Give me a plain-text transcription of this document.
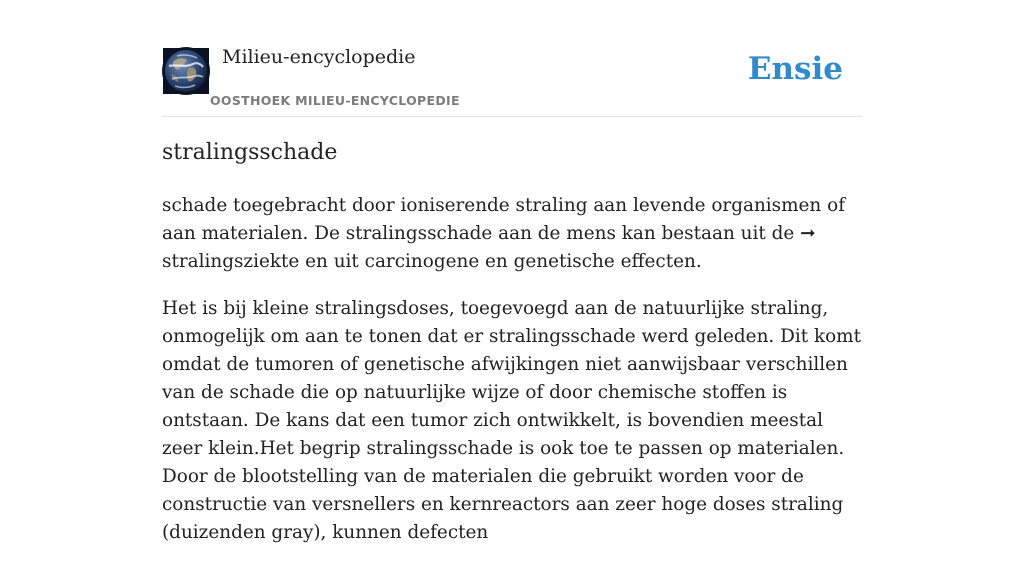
Milieu-encyclopedie
OOSTHOEK MILIEU-ENCYCLOPEDIE
Ensie
stralingsschade

schade toegebracht door ioniserende straling aan levende organismen of aan materialen. De stralingsschade aan de mens kan bestaan uit de ➞ stralingsziekte en uit carcinogene en genetische effecten.

Het is bij kleine stralingsdoses, toegevoegd aan de natuurlijke straling, onmogelijk om aan te tonen dat er stralingsschade werd geleden. Dit komt omdat de tumoren of genetische afwijkingen niet aanwijsbaar verschillen van de schade die op natuurlijke wijze of door chemische stoffen is ontstaan. De kans dat een tumor zich ontwikkelt, is bovendien meestal zeer klein.Het begrip stralingsschade is ook toe te passen op materialen. Door de blootstelling van de materialen die gebruikt worden voor de constructie van versnellers en kernreactors aan zeer hoge doses straling (duizenden gray), kunnen defecten
